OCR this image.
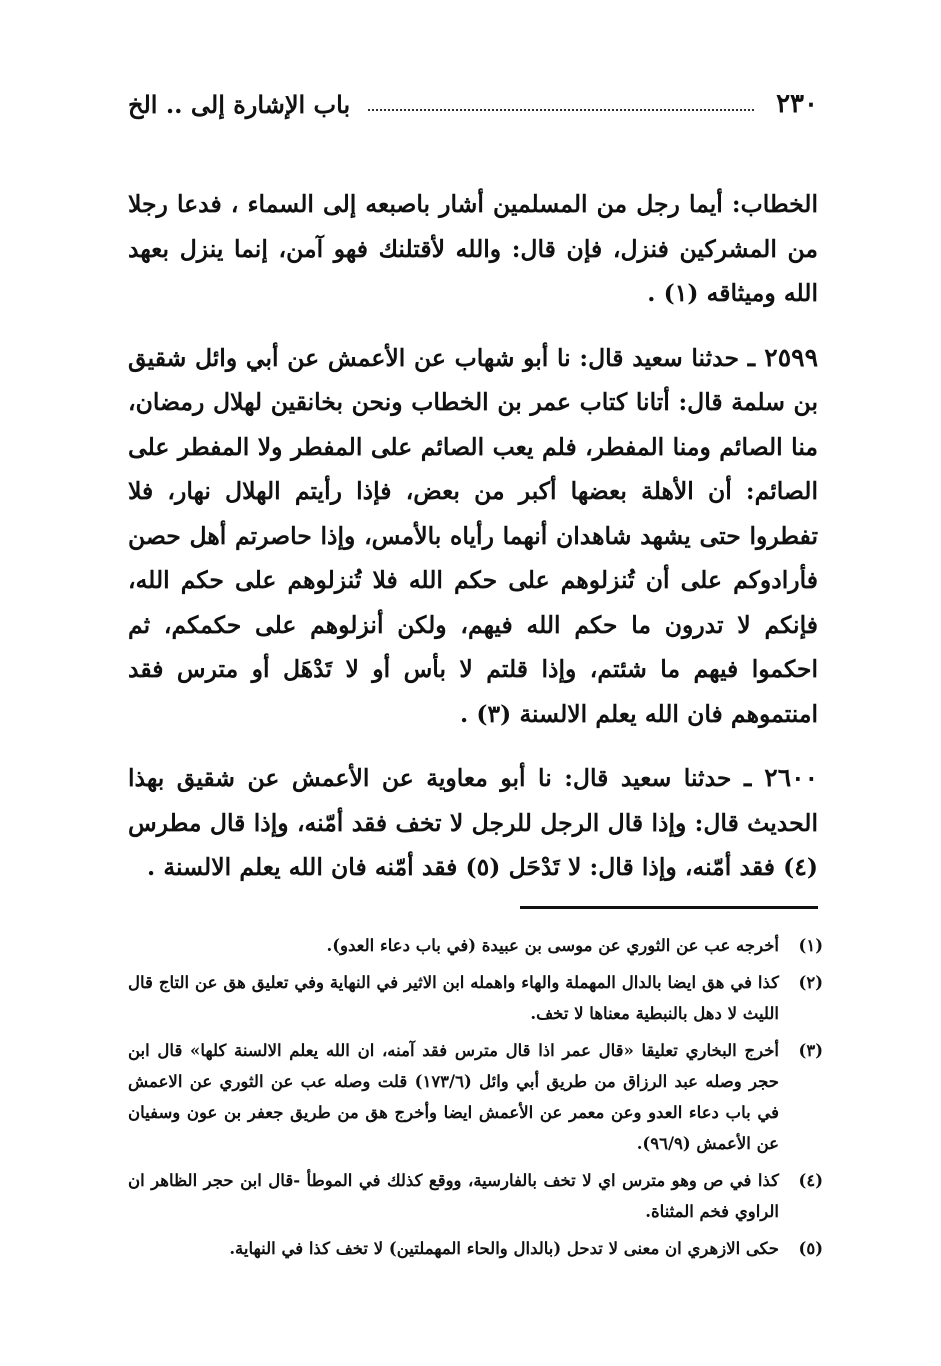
٢٣٠
باب الإشارة إلى .. الخ

الخطاب: أيما رجل من المسلمين أشار باصبعه إلى السماء ، فدعا رجلا من المشركين فنزل، فإن قال: والله لأقتلنك فهو آمن، إنما ينزل بعهد الله وميثاقه (١) .

٢٥٩٩ ـ حدثنا سعيد قال: نا أبو شهاب عن الأعمش عن أبي وائل شقيق بن سلمة قال: أتانا كتاب عمر بن الخطاب ونحن بخانقين لهلال رمضان، منا الصائم ومنا المفطر، فلم يعب الصائم على المفطر ولا المفطر على الصائم: أن الأهلة بعضها أكبر من بعض، فإذا رأيتم الهلال نهار، فلا تفطروا حتى يشهد شاهدان أنهما رأياه بالأمس، وإذا حاصرتم أهل حصن فأرادوكم على أن تُنزلوهم على حكم الله فلا تُنزلوهم على حكم الله، فإنكم لا تدرون ما حكم الله فيهم، ولكن أنزلوهم على حكمكم، ثم احكموا فيهم ما شئتم، وإذا قلتم لا بأس أو لا تَدْهَل أو مترس فقد امنتموهم فان الله يعلم الالسنة (٣) .

٢٦٠٠ ـ حدثنا سعيد قال: نا أبو معاوية عن الأعمش عن شقيق بهذا الحديث قال: وإذا قال الرجل للرجل لا تخف فقد أمّنه، وإذا قال مطرس (٤) فقد أمّنه، وإذا قال: لا تَدْحَل (٥) فقد أمّنه فان الله يعلم الالسنة .

(١)
أخرجه عب عن الثوري عن موسى بن عبيدة (في باب دعاء العدو).
(٢)
كذا في هق ايضا بالدال المهملة والهاء واهمله ابن الاثير في النهاية وفي تعليق هق عن التاج قال الليث لا دهل بالنبطية معناها لا تخف.
(٣)
أخرج البخاري تعليقا «قال عمر اذا قال مترس فقد آمنه، ان الله يعلم الالسنة كلها» قال ابن حجر وصله عبد الرزاق من طريق أبي وائل (١٧٣/٦) قلت وصله عب عن الثوري عن الاعمش في باب دعاء العدو وعن معمر عن الأعمش ايضا وأخرج هق من طريق جعفر بن عون وسفيان عن الأعمش (٩٦/٩).
(٤)
كذا في ص وهو مترس اي لا تخف بالفارسية، ووقع كذلك في الموطأ -قال ابن حجر الظاهر ان الراوي فخم المثناة.
(٥)
حكى الازهري ان معنى لا تدحل (بالدال والحاء المهملتين) لا تخف كذا في النهاية.
